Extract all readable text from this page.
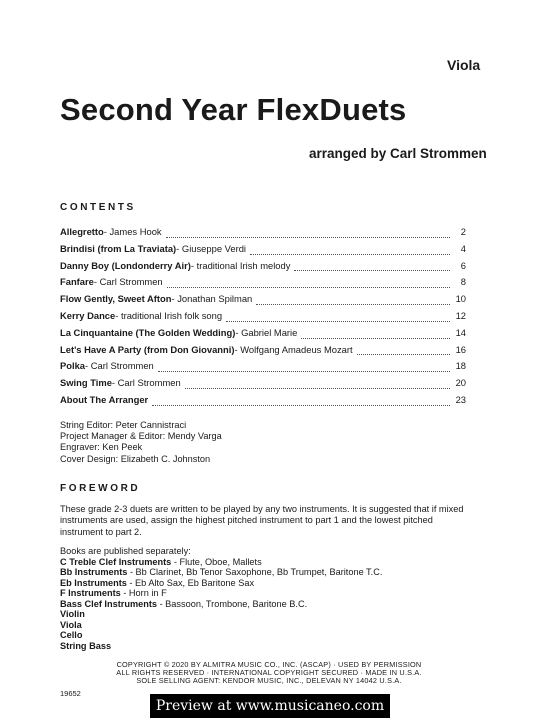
Viola
Second Year FlexDuets
arranged by Carl Strommen
CONTENTS
Allegretto - James Hook	2
Brindisi (from La Traviata) - Giuseppe Verdi	4
Danny Boy (Londonderry Air) - traditional Irish melody	6
Fanfare - Carl Strommen	8
Flow Gently, Sweet Afton - Jonathan Spilman	10
Kerry Dance - traditional Irish folk song	12
La Cinquantaine (The Golden Wedding) - Gabriel Marie	14
Let's Have A Party (from Don Giovanni) - Wolfgang Amadeus Mozart	16
Polka - Carl Strommen	18
Swing Time - Carl Strommen	20
About The Arranger	23
String Editor: Peter Cannistraci
Project Manager & Editor: Mendy Varga
Engraver: Ken Peek
Cover Design: Elizabeth C. Johnston
FOREWORD
These grade 2-3 duets are written to be played by any two instruments. It is suggested that if mixed instruments are used, assign the highest pitched instrument to part 1 and the lowest pitched instrument to part 2.
Books are published separately:
C Treble Clef Instruments - Flute, Oboe, Mallets
Bb Instruments - Bb Clarinet, Bb Tenor Saxophone, Bb Trumpet, Baritone T.C.
Eb Instruments - Eb Alto Sax, Eb Baritone Sax
F Instruments - Horn in F
Bass Clef Instruments - Bassoon, Trombone, Baritone B.C.
Violin
Viola
Cello
String Bass
COPYRIGHT © 2020 BY ALMITRA MUSIC CO., INC. (ASCAP) · USED BY PERMISSION
ALL RIGHTS RESERVED · INTERNATIONAL COPYRIGHT SECURED · MADE IN U.S.A.
SOLE SELLING AGENT: KENDOR MUSIC, INC., DELEVAN NY 14042 U.S.A.
19652
Preview at www.musicaneo.com
